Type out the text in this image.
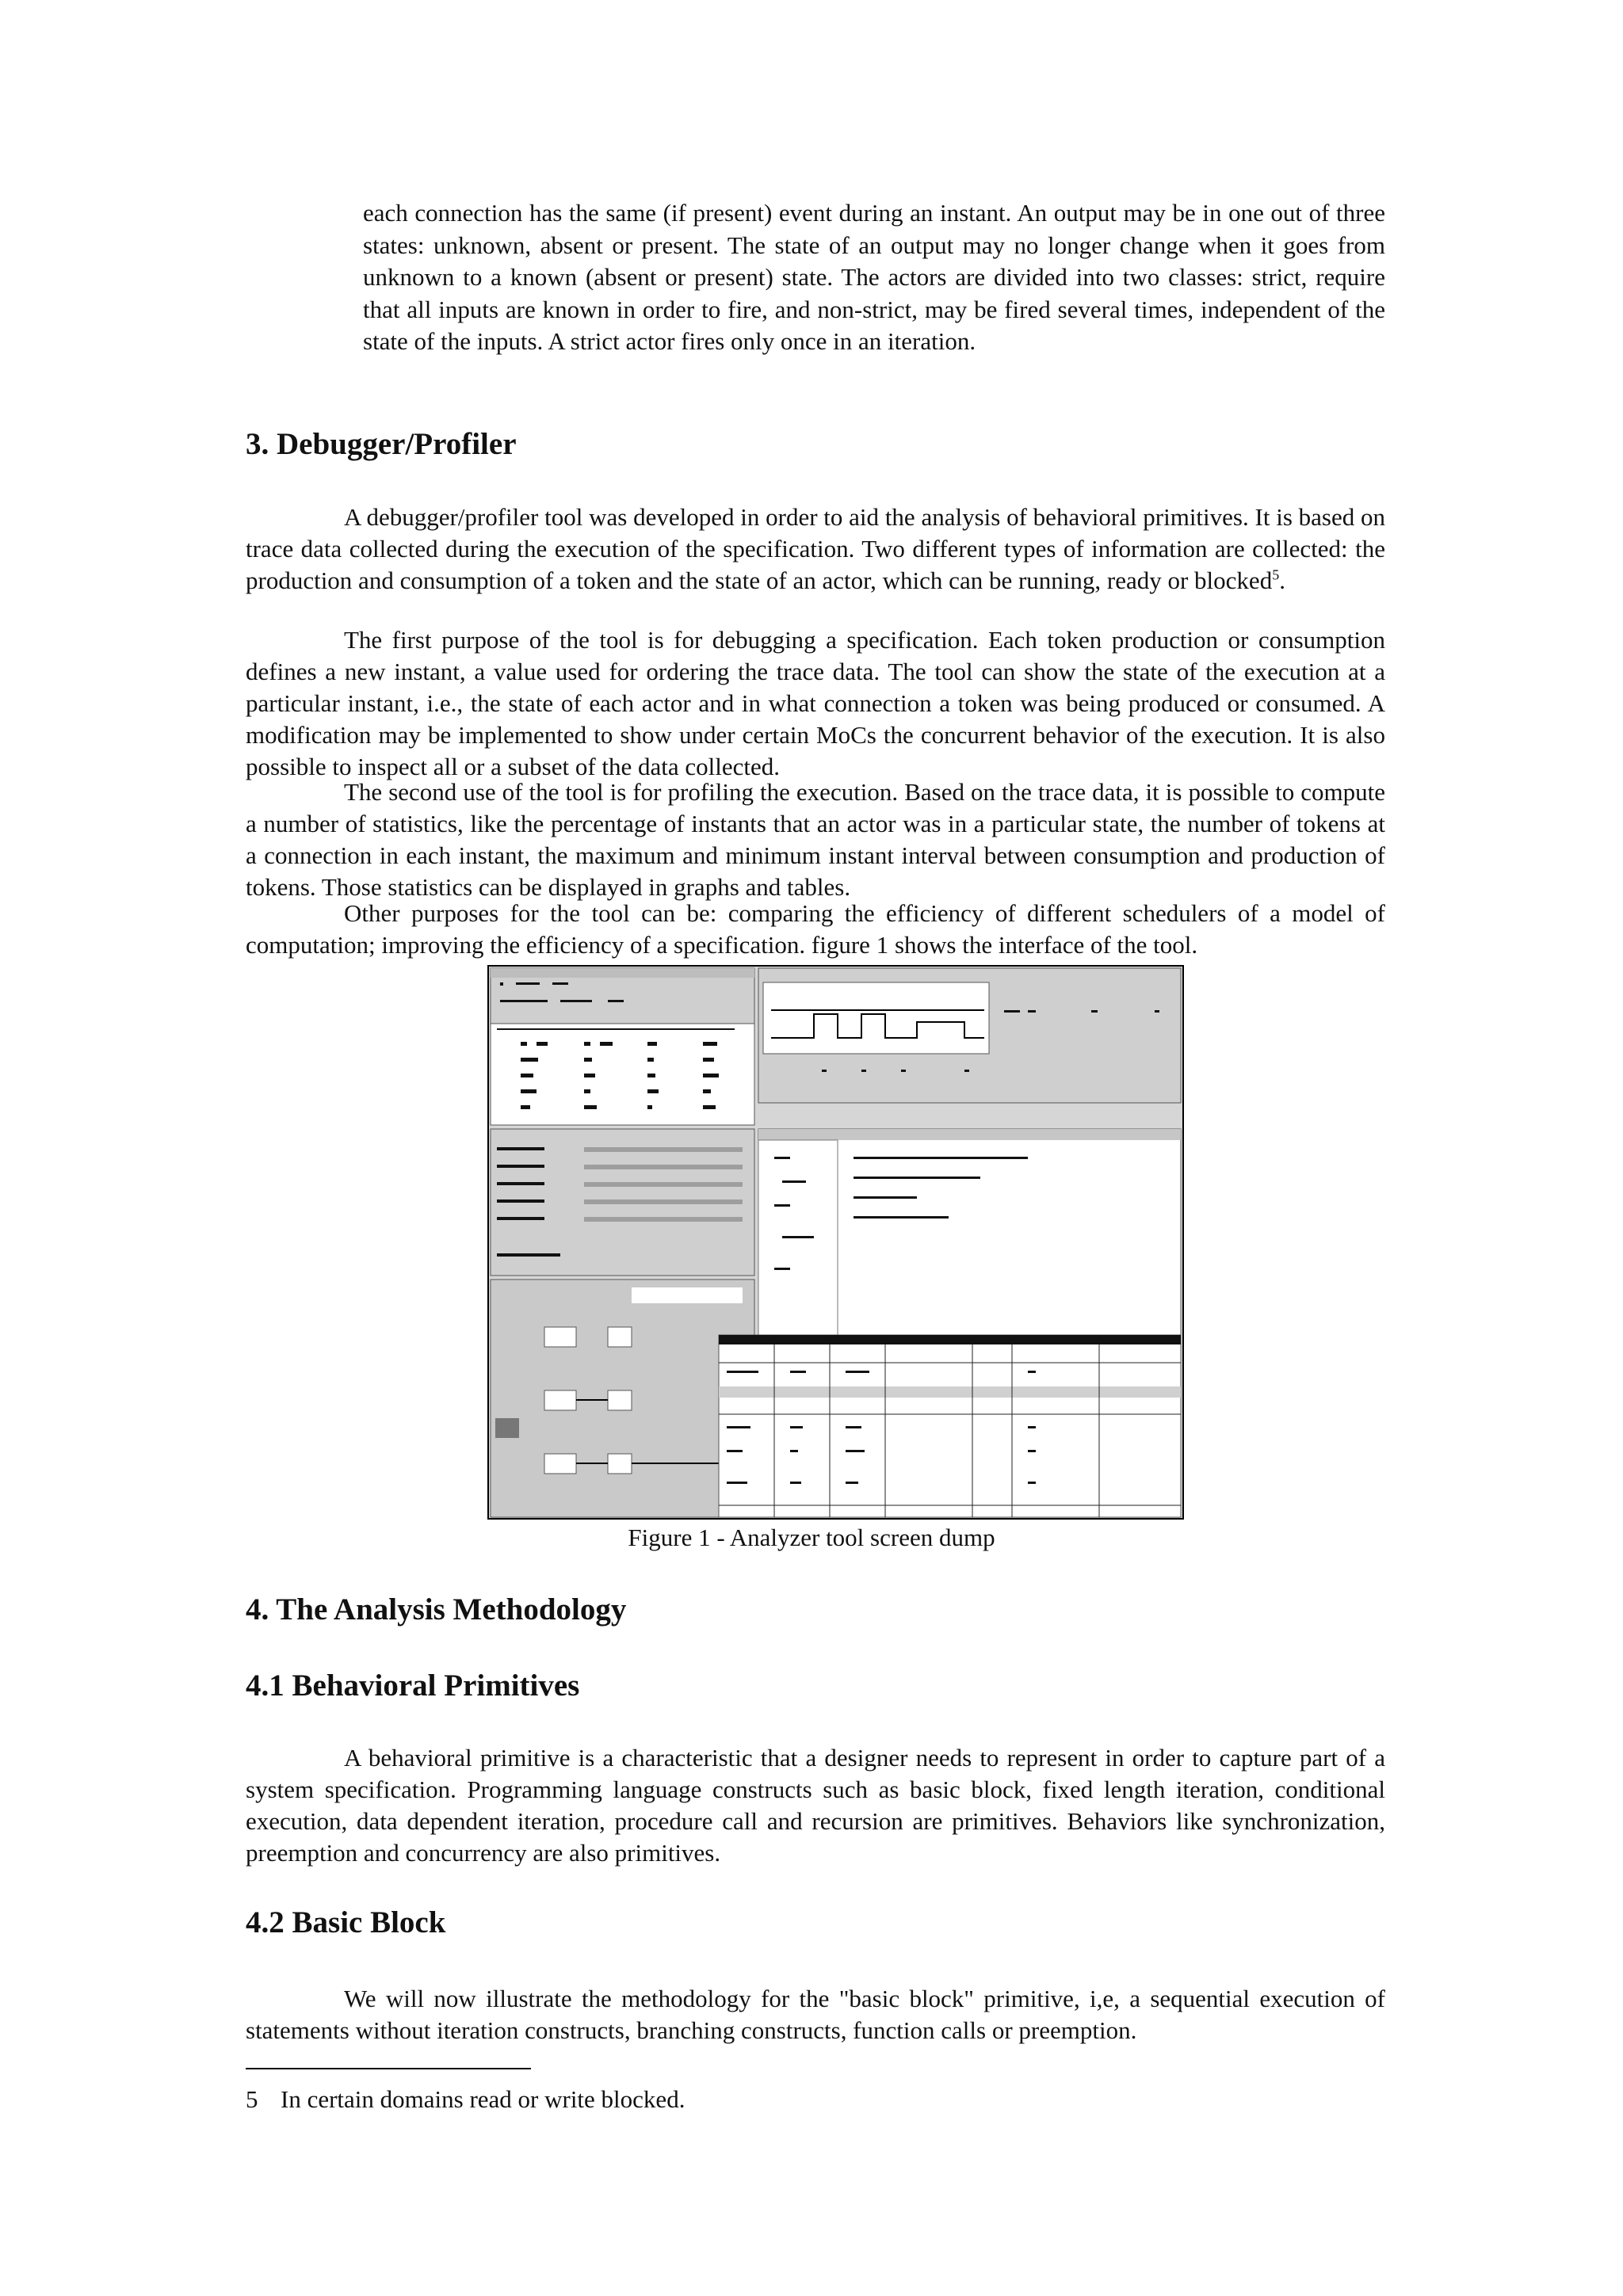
each connection has the same (if present) event during an instant. An output may be in one out of three states: unknown, absent or present. The state of an output may no longer change when it goes from unknown to a known (absent or present) state. The actors are divided into two classes: strict, require that all inputs are known in order to fire, and non-strict, may be fired several times, independent of the state of the inputs. A strict actor fires only once in an iteration.

3. Debugger/Profiler

A debugger/profiler tool was developed in order to aid the analysis of behavioral primitives. It is based on trace data collected during the execution of the specification. Two different types of information are collected: the production and consumption of a token and the state of an actor, which can be running, ready or blocked$^5$.

The first purpose of the tool is for debugging a specification. Each token production or consumption defines a new instant, a value used for ordering the trace data. The tool can show the state of the execution at a particular instant, i.e., the state of each actor and in what connection a token was being produced or consumed. A modification may be implemented to show under certain MoCs the concurrent behavior of the execution. It is also possible to inspect all or a subset of the data collected.

The second use of the tool is for profiling the execution. Based on the trace data, it is possible to compute a number of statistics, like the percentage of instants that an actor was in a particular state, the number of tokens at a connection in each instant, the maximum and minimum instant interval between consumption and production of tokens. Those statistics can be displayed in graphs and tables.

Other purposes for the tool can be: comparing the efficiency of different schedulers of a model of computation; improving the efficiency of a specification. figure 1 shows the interface of the tool.

Figure 1 - Analyzer tool screen dump

4. The Analysis Methodology
4.1 Behavioral Primitives

A behavioral primitive is a characteristic that a designer needs to represent in order to capture part of a system specification. Programming language constructs such as basic block, fixed length iteration, conditional execution, data dependent iteration, procedure call and recursion are primitives. Behaviors like synchronization, preemption and concurrency are also primitives.

4.2 Basic Block

We will now illustrate the methodology for the "basic block" primitive, i,e, a sequential execution of statements without iteration constructs, branching constructs, function calls or preemption.

5 In certain domains read or write blocked.
